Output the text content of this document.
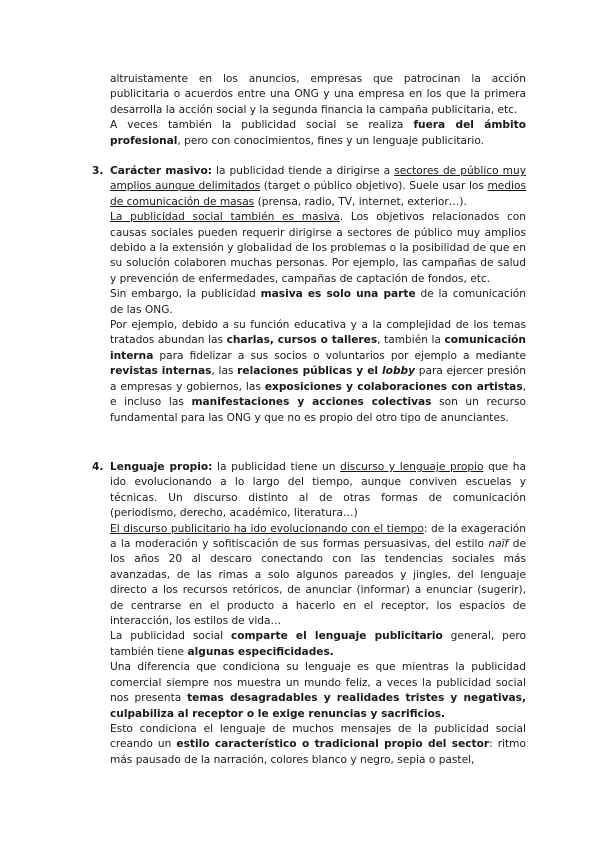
altruistamente en los anuncios, empresas que patrocinan la acción publicitaria o acuerdos entre una ONG y una empresa en los que la primera desarrolla la acción social y la segunda financia la campaña publicitaria, etc.

A veces también la publicidad social se realiza fuera del ámbito profesional, pero con conocimientos, fines y un lenguaje publicitario.

3. Carácter masivo: la publicidad tiende a dirigirse a sectores de público muy amplios aunque delimitados (target o público objetivo). Suele usar los medios de comunicación de masas (prensa, radio, TV, internet, exterior…).

La publicidad social también es masiva. Los objetivos relacionados con causas sociales pueden requerir dirigirse a sectores de público muy amplios debido a la extensión y globalidad de los problemas o la posibilidad de que en su solución colaboren muchas personas. Por ejemplo, las campañas de salud y prevención de enfermedades, campañas de captación de fondos, etc.

Sin embargo, la publicidad masiva es solo una parte de la comunicación de las ONG.

Por ejemplo, debido a su función educativa y a la complejidad de los temas tratados abundan las charlas, cursos o talleres, también la comunicación interna para fidelizar a sus socios o voluntarios por ejemplo a mediante revistas internas, las relaciones públicas y el lobby para ejercer presión a empresas y gobiernos, las exposiciones y colaboraciones con artistas, e incluso las manifestaciones y acciones colectivas son un recurso fundamental para las ONG y que no es propio del otro tipo de anunciantes.

4. Lenguaje propio: la publicidad tiene un discurso y lenguaje propio que ha ido evolucionando a lo largo del tiempo, aunque conviven escuelas y técnicas. Un discurso distinto al de otras formas de comunicación (periodismo, derecho, académico, literatura…)

El discurso publicitario ha ido evolucionando con el tiempo: de la exageración a la moderación y sofitiscación de sus formas persuasivas, del estilo naïf de los años 20 al descaro conectando con las tendencias sociales más avanzadas, de las rimas a solo algunos pareados y jingles, del lenguaje directo a los recursos retóricos, de anunciar (informar) a enunciar (sugerir), de centrarse en el producto a hacerlo en el receptor, los espacios de interacción, los estilos de vida…

La publicidad social comparte el lenguaje publicitario general, pero también tiene algunas especificidades.

Una diferencia que condiciona su lenguaje es que mientras la publicidad comercial siempre nos muestra un mundo feliz, a veces la publicidad social nos presenta temas desagradables y realidades tristes y negativas, culpabiliza al receptor o le exige renuncias y sacrificios.

Esto condiciona el lenguaje de muchos mensajes de la publicidad social creando un estilo característico o tradicional propio del sector: ritmo más pausado de la narración, colores blanco y negro, sepia o pastel,
